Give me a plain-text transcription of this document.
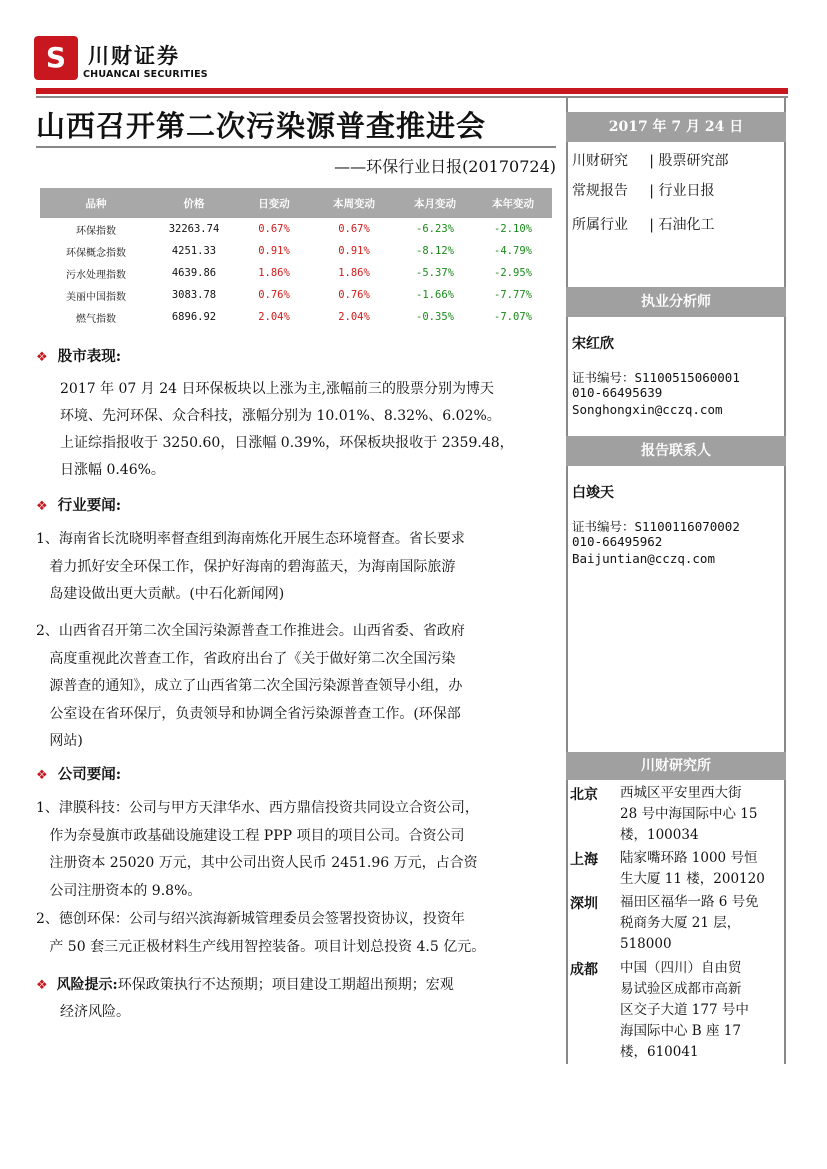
S	川财证券
CHUANCAI SECURITIES
山西召开第二次污染源普查推进会
——环保行业日报(20170724)
品种	价格	日变动	本周变动	本月变动	本年变动
环保指数	32263.74	0.67%	0.67%	-6.23%	-2.10%
环保概念指数	4251.33	0.91%	0.91%	-8.12%	-4.79%
污水处理指数	4639.86	1.86%	1.86%	-5.37%	-2.95%
美丽中国指数	3083.78	0.76%	0.76%	-1.66%	-7.77%
燃气指数	6896.92	2.04%	2.04%	-0.35%	-7.07%
❖ 股市表现:
2017 年 07 月 24 日环保板块以上涨为主,涨幅前三的股票分别为博天
环境、先河环保、众合科技，涨幅分别为 10.01%、8.32%、6.02%。
上证综指报收于 3250.60，日涨幅 0.39%，环保板块报收于 2359.48，
日涨幅 0.46%。
❖ 行业要闻:
1、海南省长沈晓明率督查组到海南炼化开展生态环境督查。省长要求
着力抓好安全环保工作，保护好海南的碧海蓝天，为海南国际旅游
岛建设做出更大贡献。(中石化新闻网)
2、山西省召开第二次全国污染源普查工作推进会。山西省委、省政府
高度重视此次普查工作，省政府出台了《关于做好第二次全国污染
源普查的通知》，成立了山西省第二次全国污染源普查领导小组，办
公室设在省环保厅，负责领导和协调全省污染源普查工作。(环保部
网站)
❖ 公司要闻:
1、津膜科技：公司与甲方天津华水、西方鼎信投资共同设立合资公司，
作为奈曼旗市政基础设施建设工程 PPP 项目的项目公司。合资公司
注册资本 25020 万元，其中公司出资人民币 2451.96 万元，占合资
公司注册资本的 9.8%。
2、德创环保：公司与绍兴滨海新城管理委员会签署投资协议，投资年
产 50 套三元正极材料生产线用智控装备。项目计划总投资 4.5 亿元。
❖ 风险提示:环保政策执行不达预期；项目建设工期超出预期；宏观
经济风险。
2017 年 7 月 24 日
川财研究 | 股票研究部
常规报告 | 行业日报
所属行业 | 石油化工
执业分析师
宋红欣
证书编号：S1100515060001
010-66495639
Songhongxin@cczq.com
报告联系人
白竣天
证书编号：S1100116070002
010-66495962
Baijuntian@cczq.com
川财研究所
北京 西城区平安里西大街
28 号中海国际中心 15
楼，100034
上海 陆家嘴环路 1000 号恒
生大厦 11 楼，200120
深圳 福田区福华一路 6 号免
税商务大厦 21 层，
518000
成都 中国（四川）自由贸
易试验区成都市高新
区交子大道 177 号中
海国际中心 B 座 17
楼，610041
